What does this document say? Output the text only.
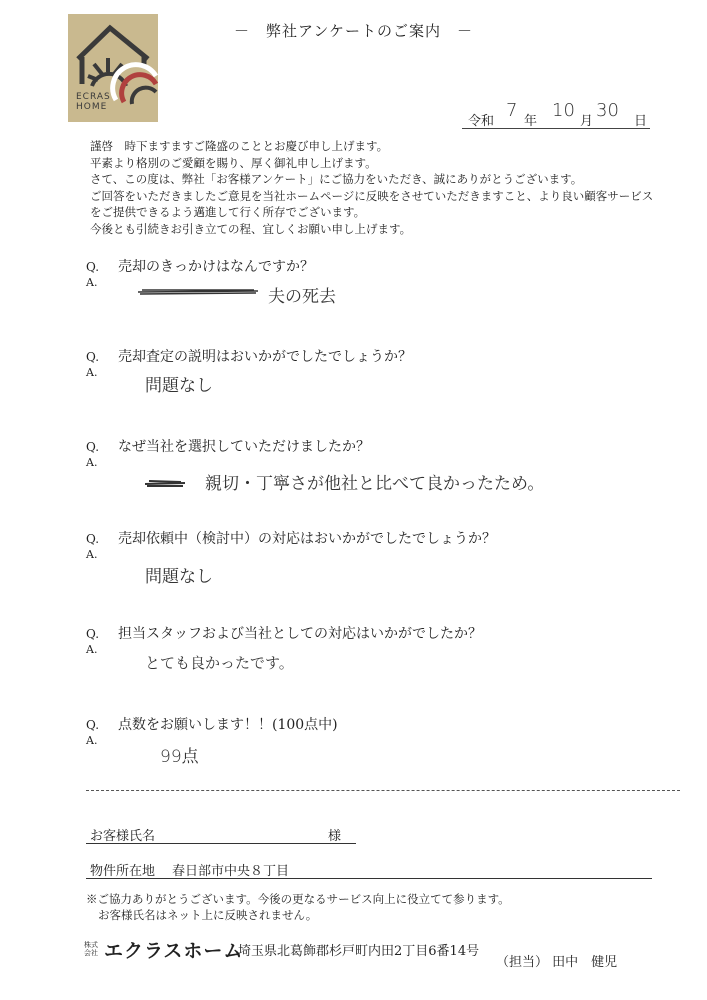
ECRAS
HOME
－　弊社アンケートのご案内　－
令和
7
年
10
月
30
日
謹啓　時下ますますご隆盛のこととお慶び申し上げます。
平素より格別のご愛顧を賜り、厚く御礼申し上げます。
さて、この度は、弊社「お客様アンケート」にご協力をいただき、誠にありがとうございます。
ご回答をいただきましたご意見を当社ホームページに反映をさせていただきますこと、より良い顧客サービス
をご提供できるよう邁進して行く所存でございます。
今後とも引続きお引き立ての程、宜しくお願い申し上げます。
Q. 売却のきっかけはなんですか？
A.
夫の死去
Q. 売却査定の説明はおいかがでしたでしょうか？
A.
問題なし
Q. なぜ当社を選択していただけましたか？
A.
親切・丁寧さが他社と比べて良かったため。
Q. 売却依頼中（検討中）の対応はおいかがでしたでしょうか？
A.
問題なし
Q. 担当スタッフおよび当社としての対応はいかがでしたか？
A.
とても良かったです。
Q. 点数をお願いします！！(100点中)
A.
99点
お客様氏名	様
物件所在地 春日部市中央８丁目
※ご協力ありがとうございます。今後の更なるサービス向上に役立てて参ります。
お客様氏名はネット上に反映されません。
株式
会社 エクラスホーム
埼玉県北葛飾郡杉戸町内田2丁目6番14号
（担当） 田中　健児
